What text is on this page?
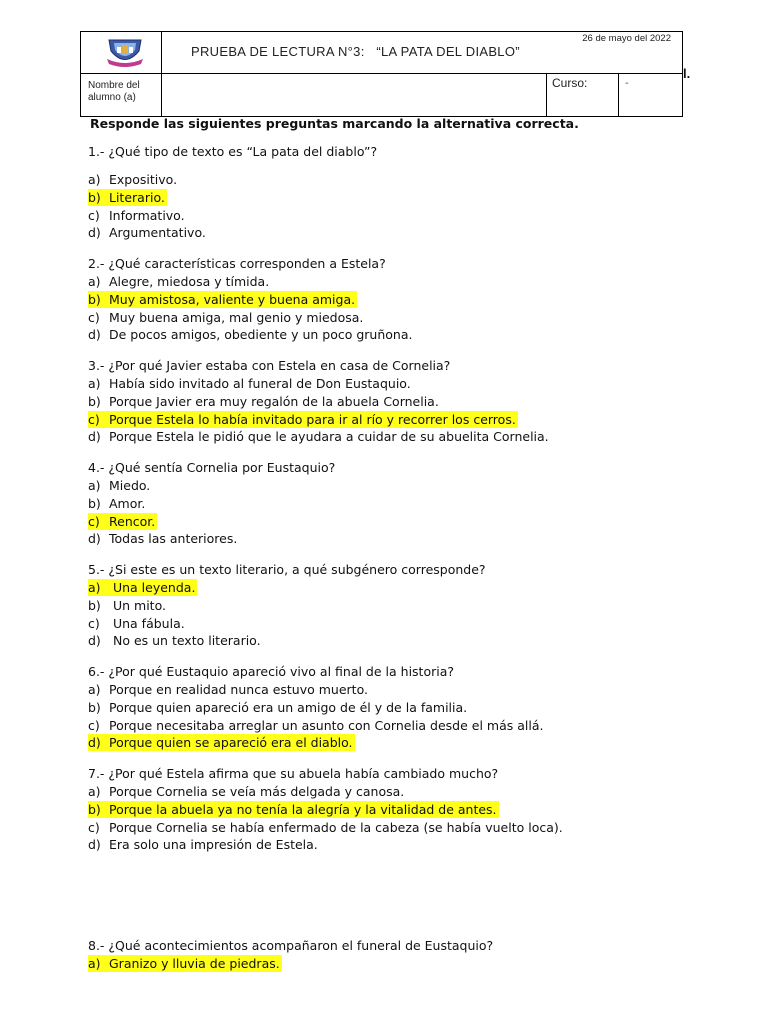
PRUEBA DE LECTURA N°3:   “LA PATA DEL DIABLO”
26 de mayo del 2022
Nombre del alumno (a)
Curso:	-
l.
Responde las siguientes preguntas marcando la alternativa correcta.
1.- ¿Qué tipo de texto es “La pata del diablo”?
a) Expositivo.
b) Literario.
c) Informativo.
d) Argumentativo.
2.- ¿Qué características corresponden a Estela?
a) Alegre, miedosa y tímida.
b) Muy amistosa, valiente y buena amiga.
c) Muy buena amiga, mal genio y miedosa.
d) De pocos amigos, obediente y un poco gruñona.
3.- ¿Por qué Javier estaba con Estela en casa de Cornelia?
a) Había sido invitado al funeral de Don Eustaquio.
b) Porque Javier era muy regalón de la abuela Cornelia.
c) Porque Estela lo había invitado para ir al río y recorrer los cerros.
d) Porque Estela le pidió que le ayudara a cuidar de su abuelita Cornelia.
4.- ¿Qué sentía Cornelia por Eustaquio?
a) Miedo.
b) Amor.
c) Rencor.
d) Todas las anteriores.
5.- ¿Si este es un texto literario, a qué subgénero corresponde?
a) Una leyenda.
b) Un mito.
c) Una fábula.
d) No es un texto literario.
6.- ¿Por qué Eustaquio apareció vivo al final de la historia?
a) Porque en realidad nunca estuvo muerto.
b) Porque quien apareció era un amigo de él y de la familia.
c) Porque necesitaba arreglar un asunto con Cornelia desde el más allá.
d) Porque quien se apareció era el diablo.
7.- ¿Por qué Estela afirma que su abuela había cambiado mucho?
a) Porque Cornelia se veía más delgada y canosa.
b) Porque la abuela ya no tenía la alegría y la vitalidad de antes.
c) Porque Cornelia se había enfermado de la cabeza (se había vuelto loca).
d) Era solo una impresión de Estela.
8.- ¿Qué acontecimientos acompañaron el funeral de Eustaquio?
a) Granizo y lluvia de piedras.
